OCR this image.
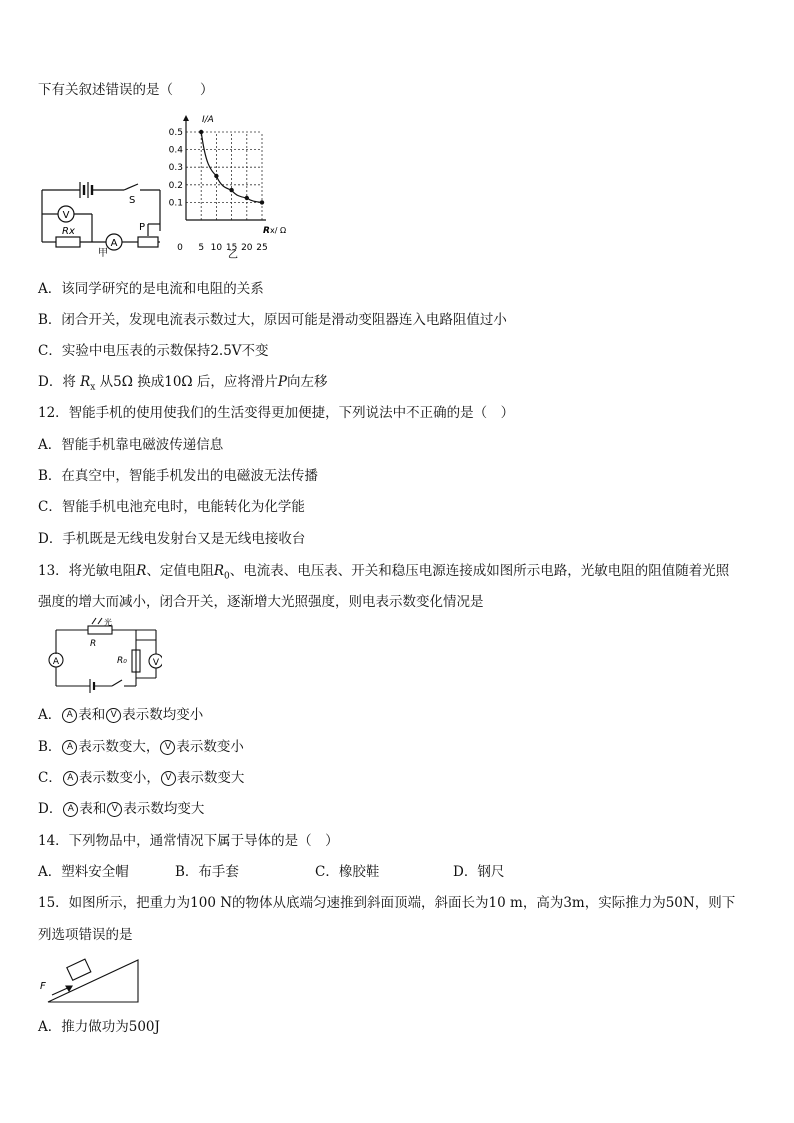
下有关叙述错误的是（　　）
V
A
Rx
S
P
甲
0.1
0.2
0.3
0.4
0.5
0 5 10 15 20 25
I/A
R x/ Ω
乙
A．该同学研究的是电流和电阻的关系
B．闭合开关，发现电流表示数过大，原因可能是滑动变阻器连入电路阻值过小
C．实验中电压表的示数保持2.5V不变
D．将 $R_x$ 从5Ω 换成10Ω 后，应将滑片P向左移
12．智能手机的使用使我们的生活变得更加便捷，下列说法中不正确的是（　）
A．智能手机靠电磁波传递信息
B．在真空中，智能手机发出的电磁波无法传播
C．智能手机电池充电时，电能转化为化学能
D．手机既是无线电发射台又是无线电接收台
13．将光敏电阻R、定值电阻$R_0$、电流表、电压表、开关和稳压电源连接成如图所示电路，光敏电阻的阻值随着光照
强度的增大而减小，闭合开关，逐渐增大光照强度，则电表示数变化情况是
光
R
R₀
A	V
A． A 表和 V 表示数均变小
B． A 表示数变大， V 表示数变小
C． A 表示数变小， V 表示数变大
D． A 表和 V 表示数均变大
14．下列物品中，通常情况下属于导体的是（　）
A．塑料安全帽	B．布手套	C．橡胶鞋	D．钢尺
15．如图所示，把重力为100 N的物体从底端匀速推到斜面顶端，斜面长为10 m，高为3m，实际推力为50N，则下
列选项错误的是
F
A．推力做功为500J
